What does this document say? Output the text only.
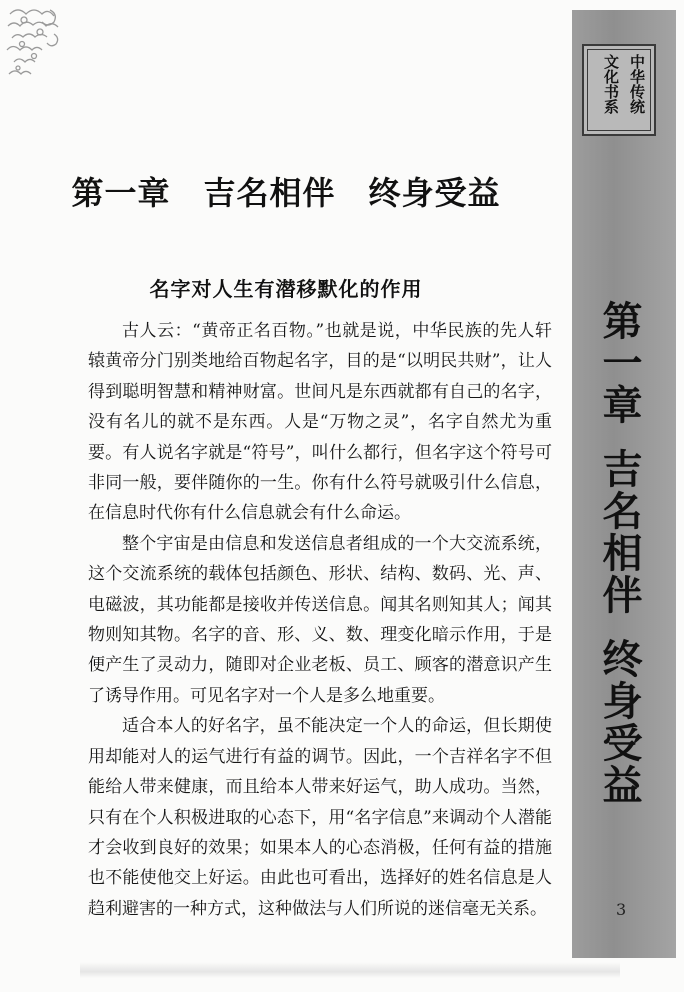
中华传统
文化书系
第一章吉名相伴终身受益
第一章　吉名相伴　终身受益
名字对人生有潜移默化的作用

古人云：“黄帝正名百物。”也就是说，中华民族的先人轩辕黄帝分门别类地给百物起名字，目的是“以明民共财”，让人得到聪明智慧和精神财富。世间凡是东西就都有自己的名字，没有名儿的就不是东西。人是“万物之灵”，名字自然尤为重要。有人说名字就是“符号”，叫什么都行，但名字这个符号可非同一般，要伴随你的一生。你有什么符号就吸引什么信息，在信息时代你有什么信息就会有什么命运。

整个宇宙是由信息和发送信息者组成的一个大交流系统，这个交流系统的载体包括颜色、形状、结构、数码、光、声、电磁波，其功能都是接收并传送信息。闻其名则知其人；闻其物则知其物。名字的音、形、义、数、理变化暗示作用，于是便产生了灵动力，随即对企业老板、员工、顾客的潜意识产生了诱导作用。可见名字对一个人是多么地重要。

适合本人的好名字，虽不能决定一个人的命运，但长期使用却能对人的运气进行有益的调节。因此，一个吉祥名字不但能给人带来健康，而且给本人带来好运气，助人成功。当然，只有在个人积极进取的心态下，用“名字信息”来调动个人潜能才会收到良好的效果；如果本人的心态消极，任何有益的措施也不能使他交上好运。由此也可看出，选择好的姓名信息是人趋利避害的一种方式，这种做法与人们所说的迷信毫无关系。	3
